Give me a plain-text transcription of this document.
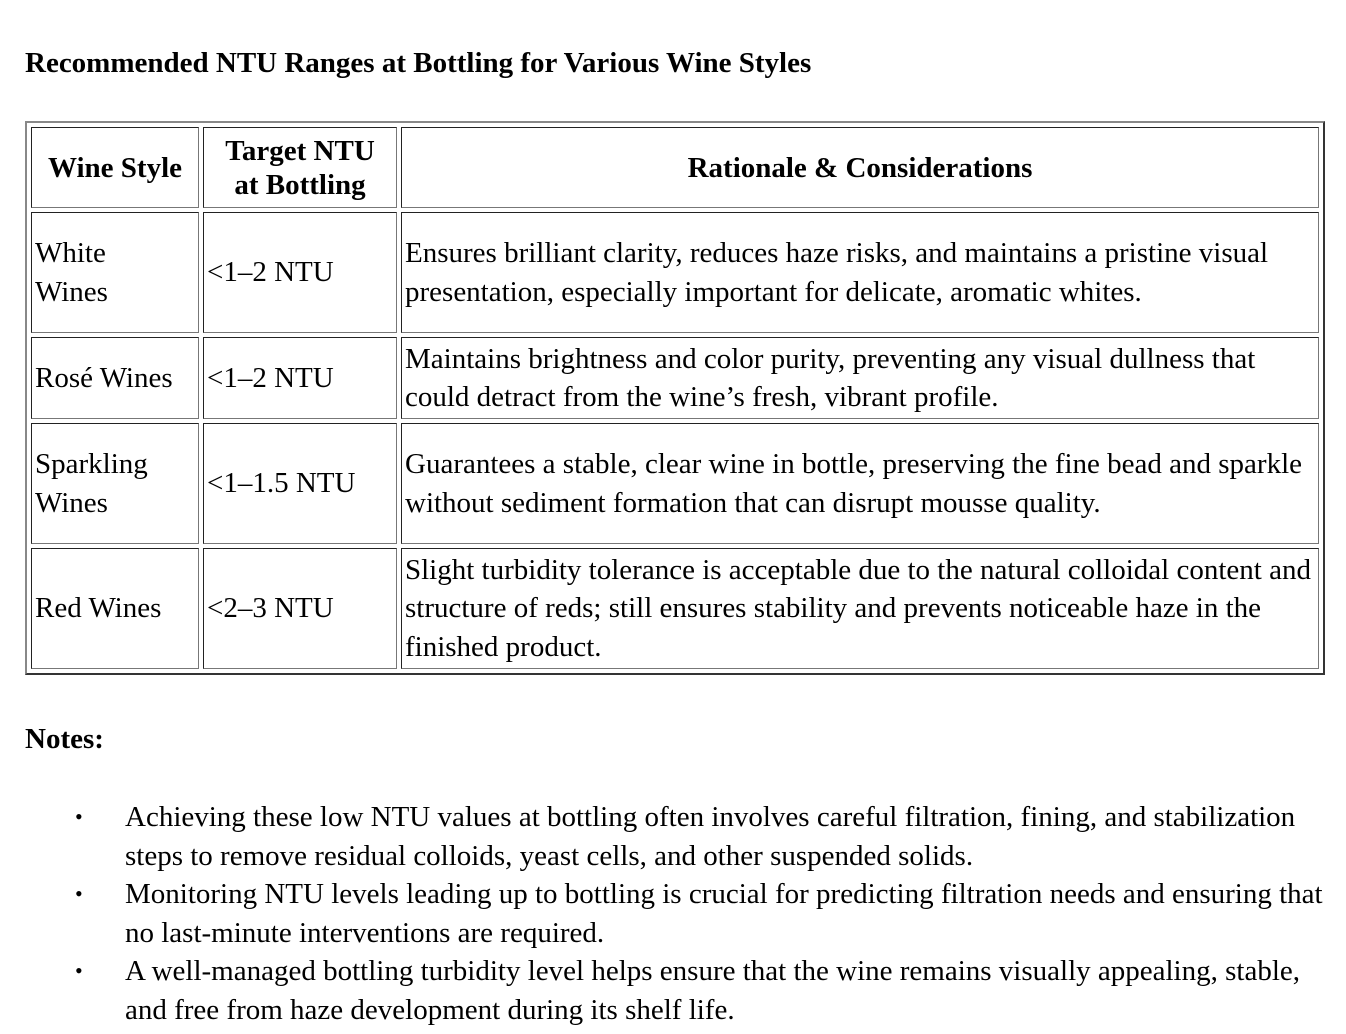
Recommended NTU Ranges at Bottling for Various Wine Styles
Wine Style	Target NTU at Bottling	Rationale & Considerations
White Wines	<1–2 NTU	Ensures brilliant clarity, reduces haze risks, and maintains a pristine visual presentation, especially important for delicate, aromatic whites.
Rosé Wines	<1–2 NTU	Maintains brightness and color purity, preventing any visual dullness that could detract from the wine’s fresh, vibrant profile.
Sparkling Wines	<1–1.5 NTU	Guarantees a stable, clear wine in bottle, preserving the fine bead and sparkle without sediment formation that can disrupt mousse quality.
Red Wines	<2–3 NTU	Slight turbidity tolerance is acceptable due to the natural colloidal content and structure of reds; still ensures stability and prevents noticeable haze in the finished product.
Notes:
• Achieving these low NTU values at bottling often involves careful filtration, fining, and stabilization steps to remove residual colloids, yeast cells, and other suspended solids.
• Monitoring NTU levels leading up to bottling is crucial for predicting filtration needs and ensuring that no last-minute interventions are required.
• A well-managed bottling turbidity level helps ensure that the wine remains visually appealing, stable, and free from haze development during its shelf life.
